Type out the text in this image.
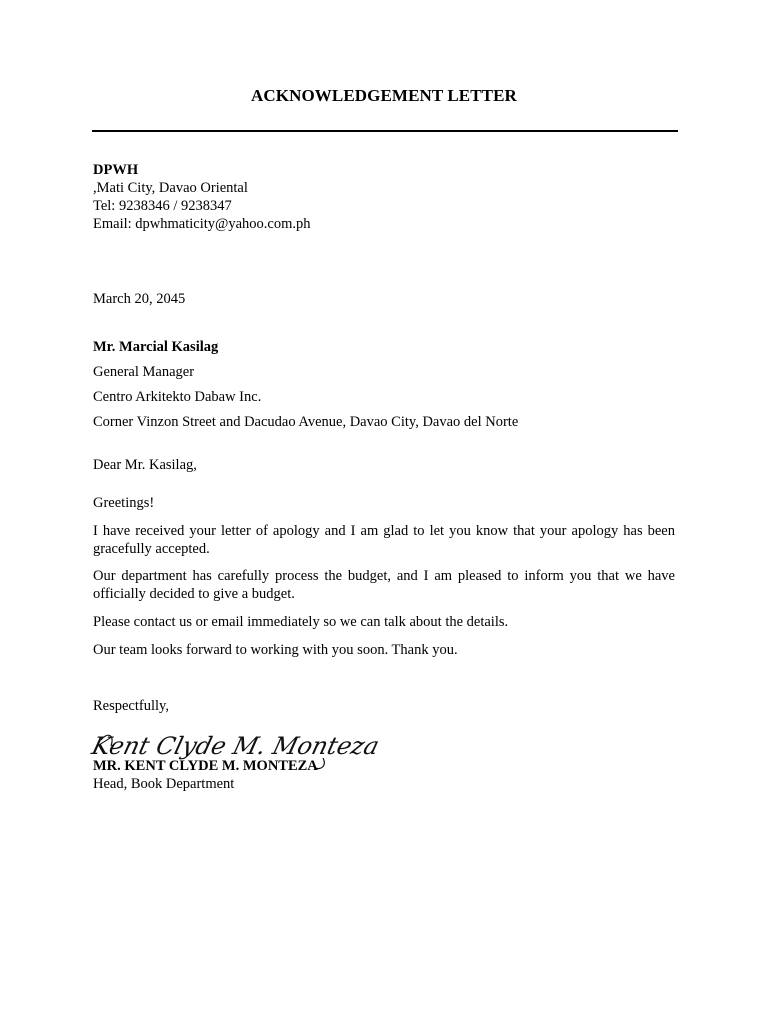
ACKNOWLEDGEMENT LETTER
DPWH
,Mati City, Davao Oriental
Tel: 9238346 / 9238347
Email: dpwhmaticity@yahoo.com.ph
March 20, 2045
Mr. Marcial Kasilag
General Manager
Centro Arkitekto Dabaw Inc.
Corner Vinzon Street and Dacudao Avenue, Davao City, Davao del Norte
Dear Mr. Kasilag,
Greetings!
I have received your letter of apology and I am glad to let you know that your apology has been gracefully accepted.
Our department has carefully process the budget, and I am pleased to inform you that we have officially decided to give a budget.
Please contact us or email immediately so we can talk about the details.
Our team looks forward to working with you soon. Thank you.
Respectfully,
Kent Clyde M. Monteza
MR. KENT CLYDE M. MONTEZA
Head, Book Department
